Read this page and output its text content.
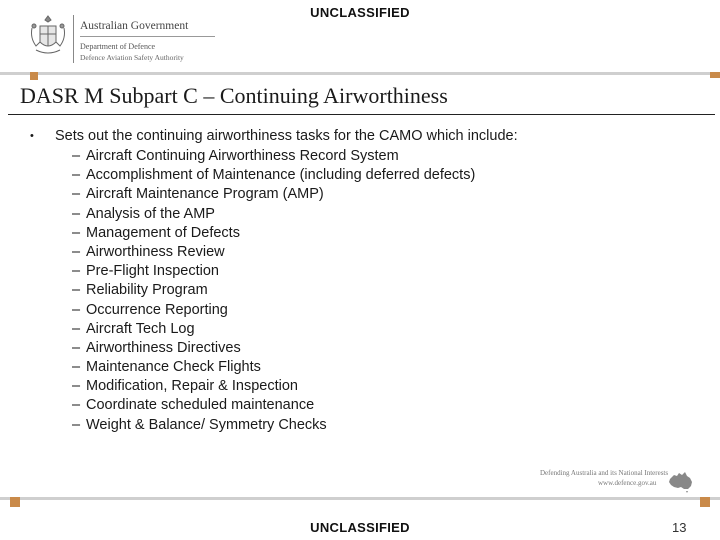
UNCLASSIFIED
Australian Government
Department of Defence
Defence Aviation Safety Authority
DASR M Subpart C – Continuing Airworthiness
• Sets out the continuing airworthiness tasks for the CAMO which include:
– Aircraft Continuing Airworthiness Record System
– Accomplishment of Maintenance (including deferred defects)
– Aircraft Maintenance Program (AMP)
– Analysis of the AMP
– Management of Defects
– Airworthiness Review
– Pre-Flight Inspection
– Reliability Program
– Occurrence Reporting
– Aircraft Tech Log
– Airworthiness Directives
– Maintenance Check Flights
– Modification, Repair & Inspection
– Coordinate scheduled maintenance
– Weight & Balance/ Symmetry Checks
Defending Australia and its National Interests
www.defence.gov.au
UNCLASSIFIED	13
